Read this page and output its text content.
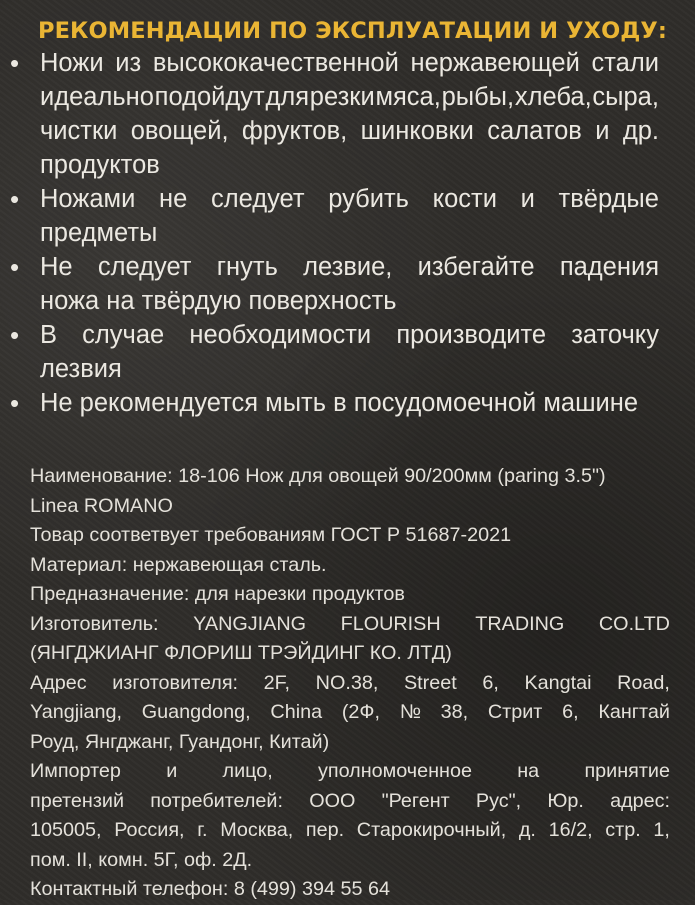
РЕКОМЕНДАЦИИ ПО ЭКСПЛУАТАЦИИ И УХОДУ:
• Ножи из высококачественной нержавеющей стали
идеально подойдут для резки мяса, рыбы, хлеба, сыра,
чистки овощей, фруктов, шинковки салатов и др.
продуктов
• Ножами не следует рубить кости и твёрдые
предметы
• Не следует гнуть лезвие, избегайте падения
ножа на твёрдую поверхность
• В случае необходимости производите заточку
лезвия
• Не рекомендуется мыть в посудомоечной машине
Наименование: 18-106 Нож для овощей 90/200мм (paring 3.5")
Linea ROMANO
Товар соответвует требованиям ГОСТ Р 51687-2021
Материал: нержавеющая сталь.
Предназначение: для нарезки продуктов
Изготовитель: YANGJIANG FLOURISH TRADING CO.LTD
(ЯНГДЖИАНГ ФЛОРИШ ТРЭЙДИНГ КО. ЛТД)
Адрес изготовителя: 2F, NO.38, Street 6, Kangtai Road,
Yangjiang, Guangdong, China (2Ф, № 38, Стрит 6, Кангтай
Роуд, Янгджанг, Гуандонг, Китай)
Импортер и лицо, уполномоченное на принятие
претензий потребителей: ООО "Регент Рус", Юр. адрес:
105005, Россия, г. Москва, пер. Старокирочный, д. 16/2, стр. 1,
пом. II, комн. 5Г, оф. 2Д.
Контактный телефон: 8 (499) 394 55 64
